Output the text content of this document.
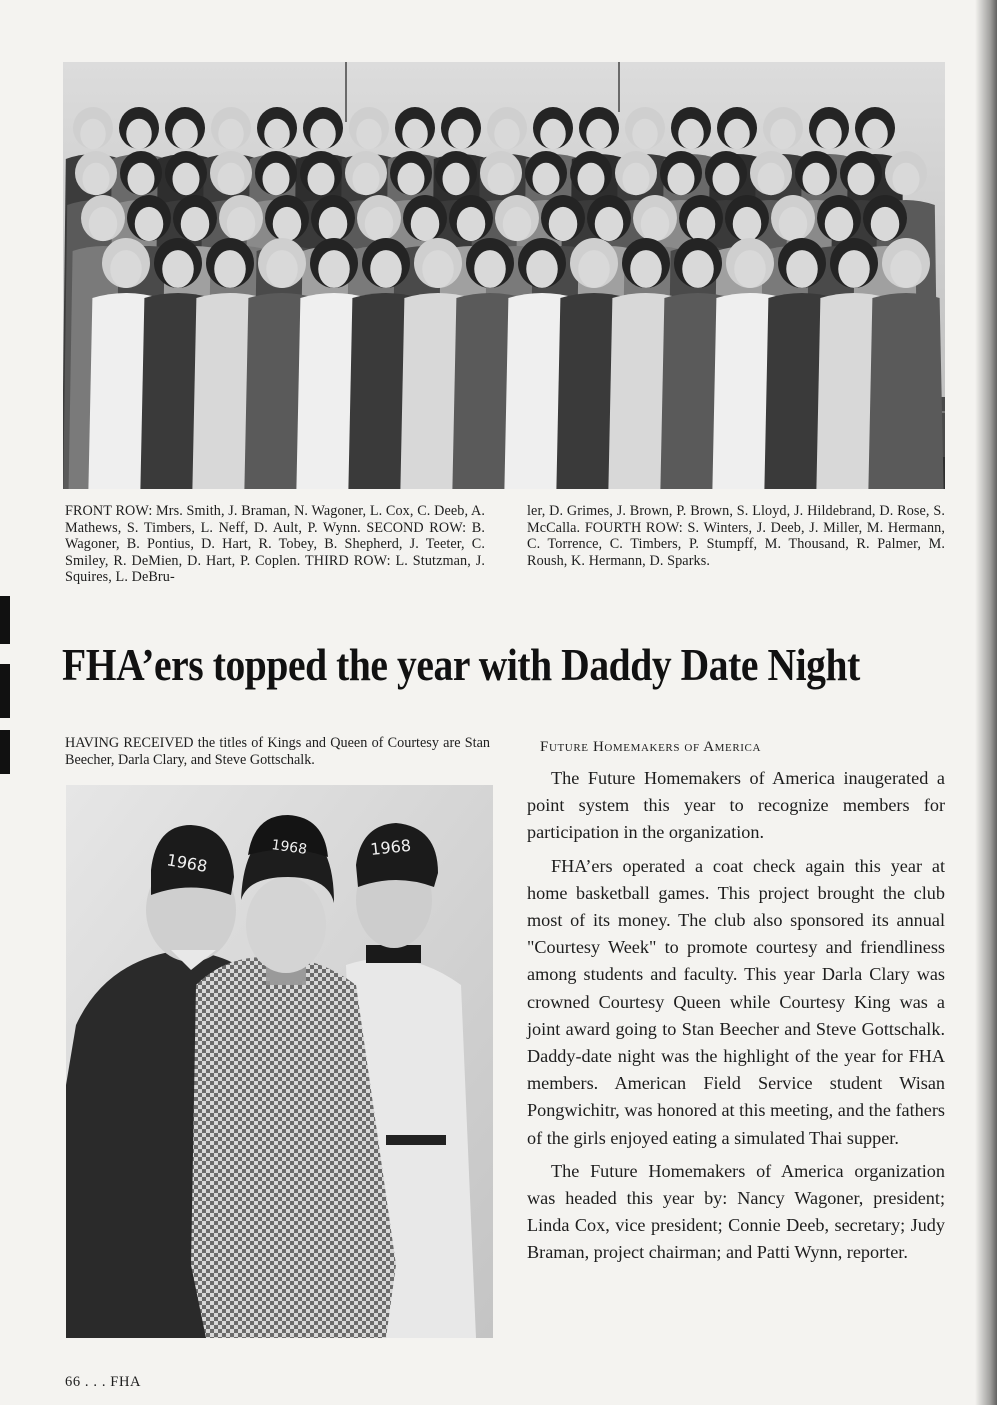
FRONT ROW: Mrs. Smith, J. Braman, N. Wagoner, L. Cox, C. Deeb, A. Mathews, S. Timbers, L. Neff, D. Ault, P. Wynn. SECOND ROW: B. Wagoner, B. Pontius, D. Hart, R. Tobey, B. Shepherd, J. Teeter, C. Smiley, R. DeMien, D. Hart, P. Coplen. THIRD ROW: L. Stutzman, J. Squires, L. DeBru-
ler, D. Grimes, J. Brown, P. Brown, S. Lloyd, J. Hildebrand, D. Rose, S. McCalla. FOURTH ROW: S. Winters, J. Deeb, J. Miller, M. Hermann, C. Torrence, C. Timbers, P. Stumpff, M. Thousand, R. Palmer, M. Roush, K. Hermann, D. Sparks.
FHA’ers topped the year with Daddy Date Night
HAVING RECEIVED the titles of Kings and Queen of Courtesy are Stan Beecher, Darla Clary, and Steve Gottschalk.
1968
1968	1968
Future Homemakers of America

The Future Homemakers of America inaugerated a point system this year to recognize members for participation in the organization.

FHA’ers operated a coat check again this year at home basketball games. This project brought the club most of its money. The club also sponsored its annual "Courtesy Week" to promote courtesy and friendliness among students and faculty. This year Darla Clary was crowned Courtesy Queen while Courtesy King was a joint award going to Stan Beecher and Steve Gottschalk. Daddy-date night was the highlight of the year for FHA members. American Field Service student Wisan Pongwichitr, was honored at this meeting, and the fathers of the girls enjoyed eating a simulated Thai supper.

The Future Homemakers of America organization was headed this year by: Nancy Wagoner, president; Linda Cox, vice president; Connie Deeb, secretary; Judy Braman, project chairman; and Patti Wynn, reporter.

66 . . . FHA
